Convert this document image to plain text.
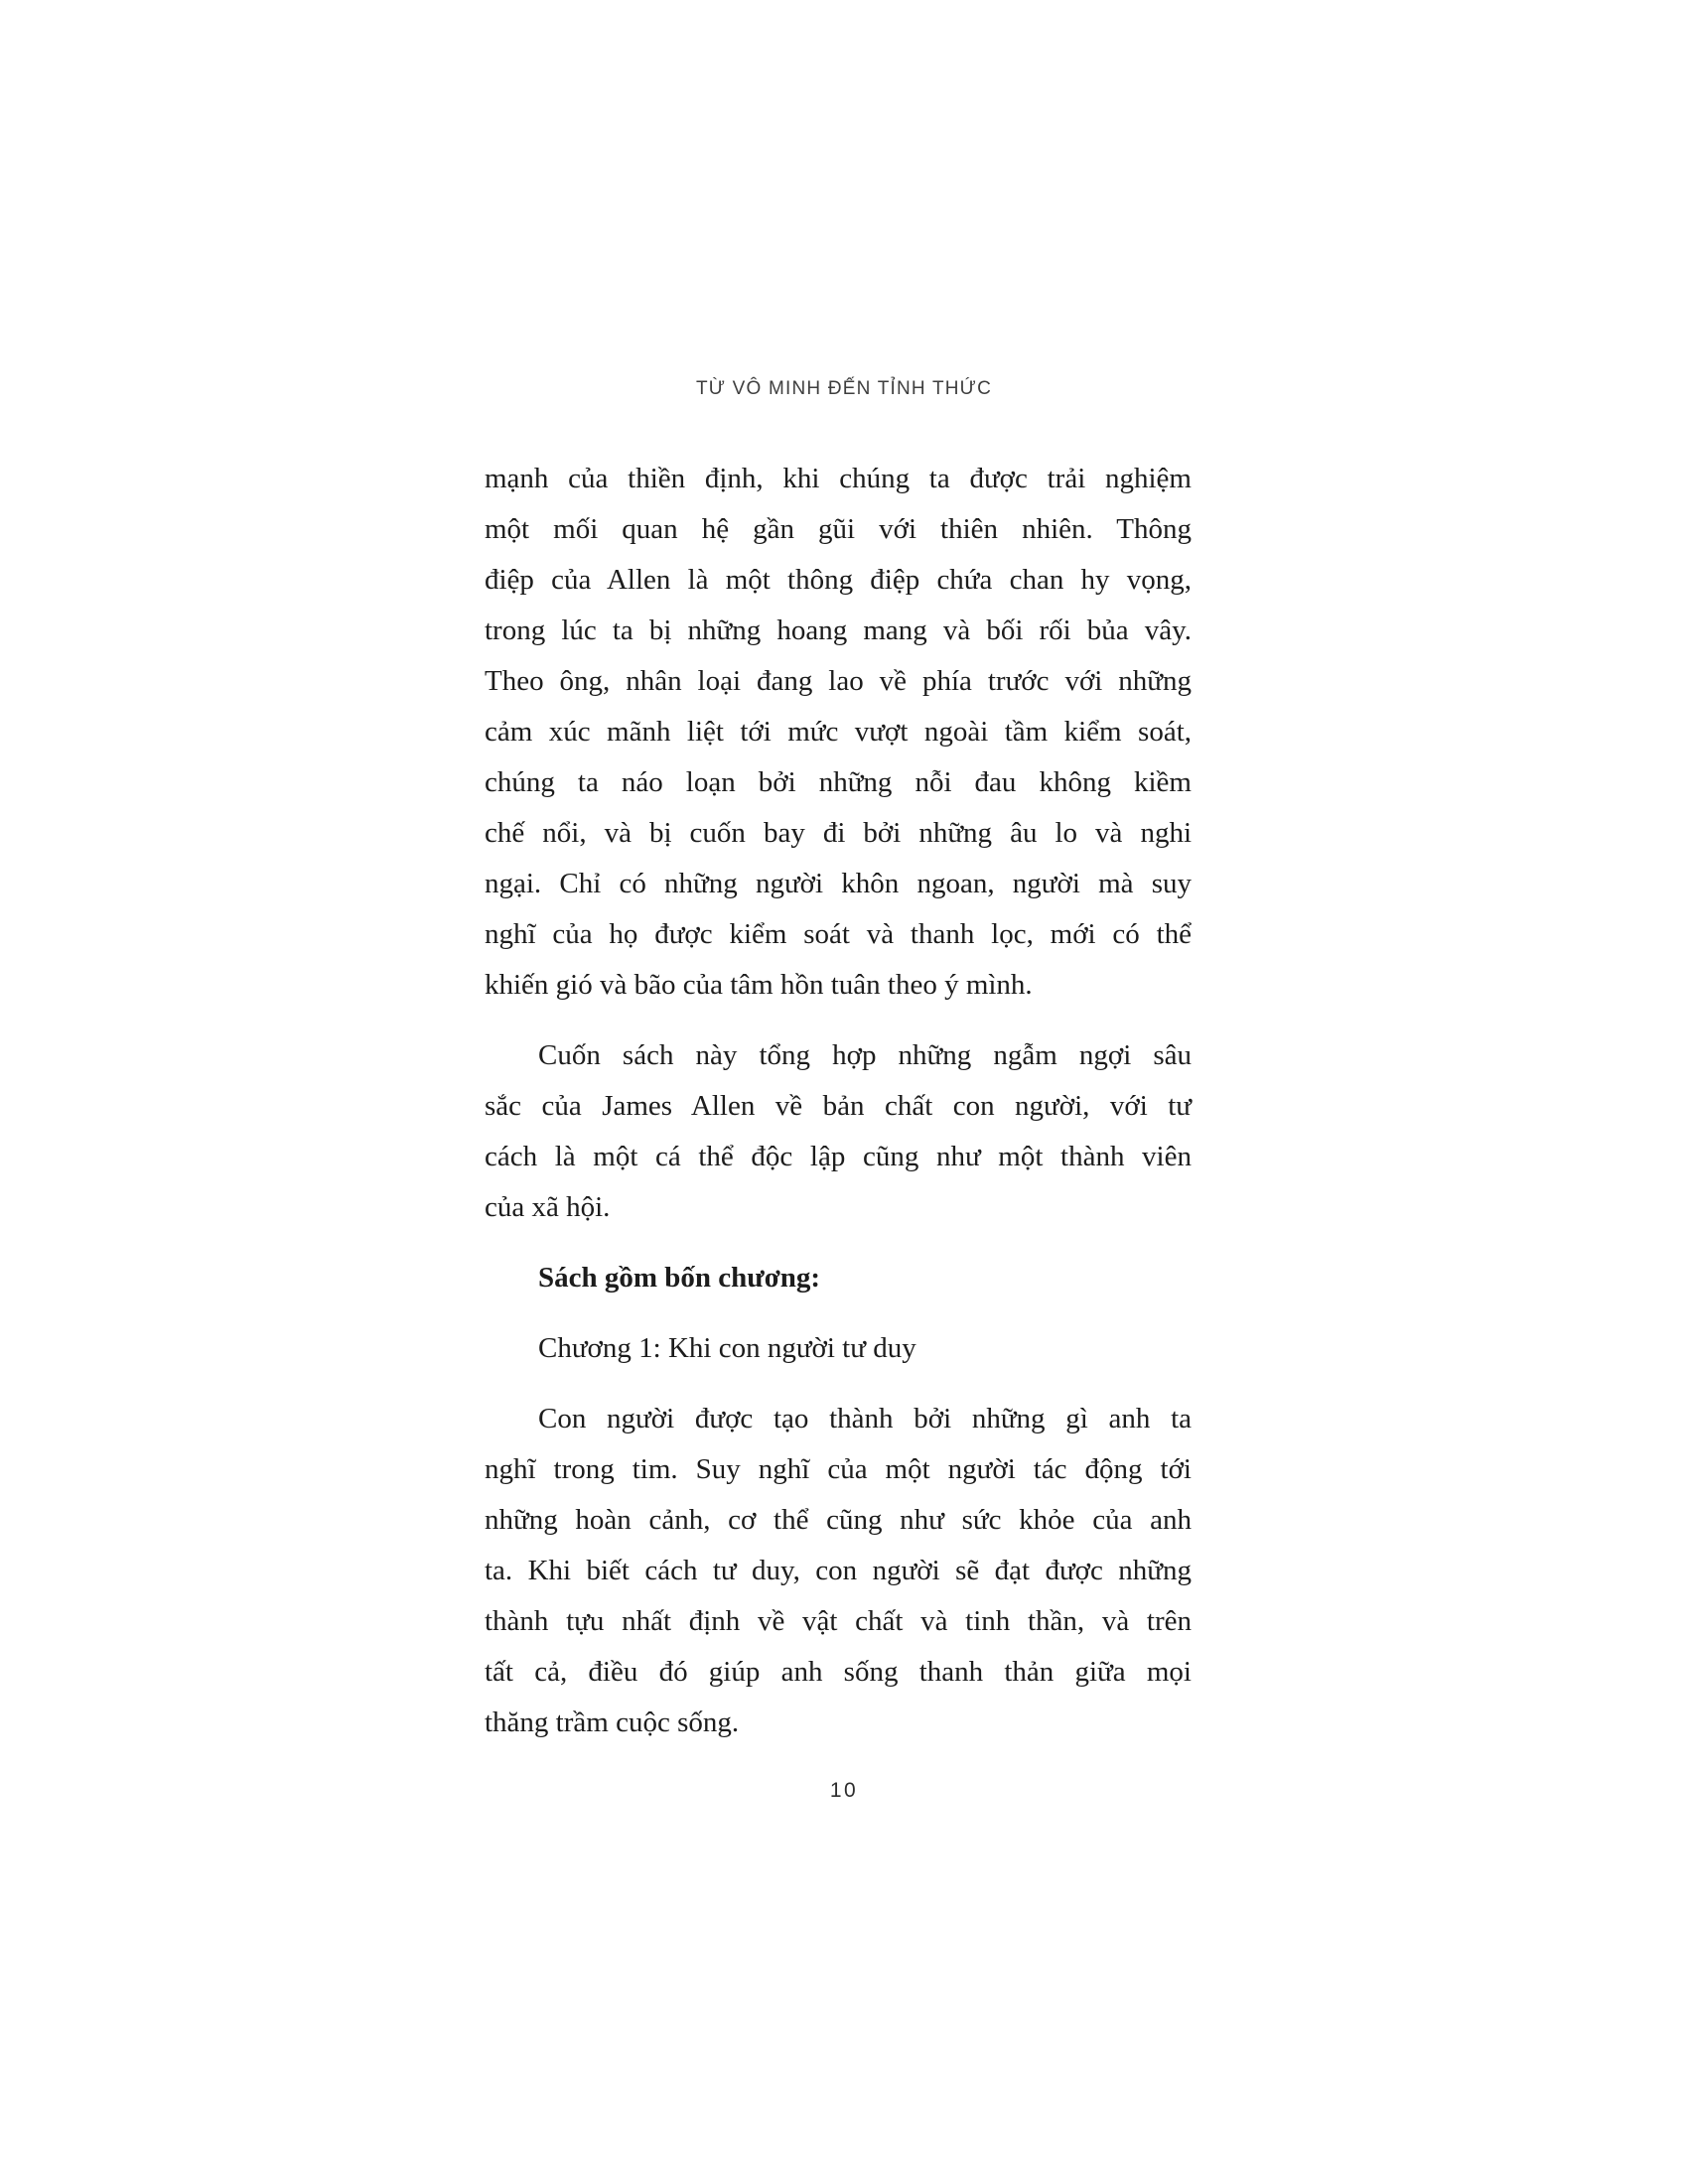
TỪ VÔ MINH ĐẾN TỈNH THỨC
mạnh của thiền định, khi chúng ta được trải nghiệm
một mối quan hệ gần gũi với thiên nhiên. Thông
điệp của Allen là một thông điệp chứa chan hy vọng,
trong lúc ta bị những hoang mang và bối rối bủa vây.
Theo ông, nhân loại đang lao về phía trước với những
cảm xúc mãnh liệt tới mức vượt ngoài tầm kiểm soát,
chúng ta náo loạn bởi những nỗi đau không kiềm
chế nổi, và bị cuốn bay đi bởi những âu lo và nghi
ngại. Chỉ có những người khôn ngoan, người mà suy
nghĩ của họ được kiểm soát và thanh lọc, mới có thể
khiến gió và bão của tâm hồn tuân theo ý mình.
Cuốn sách này tổng hợp những ngẫm ngợi sâu
sắc của James Allen về bản chất con người, với tư
cách là một cá thể độc lập cũng như một thành viên
của xã hội.
Sách gồm bốn chương:
Chương 1: Khi con người tư duy
Con người được tạo thành bởi những gì anh ta
nghĩ trong tim. Suy nghĩ của một người tác động tới
những hoàn cảnh, cơ thể cũng như sức khỏe của anh
ta. Khi biết cách tư duy, con người sẽ đạt được những
thành tựu nhất định về vật chất và tinh thần, và trên
tất cả, điều đó giúp anh sống thanh thản giữa mọi
thăng trầm cuộc sống.
10
